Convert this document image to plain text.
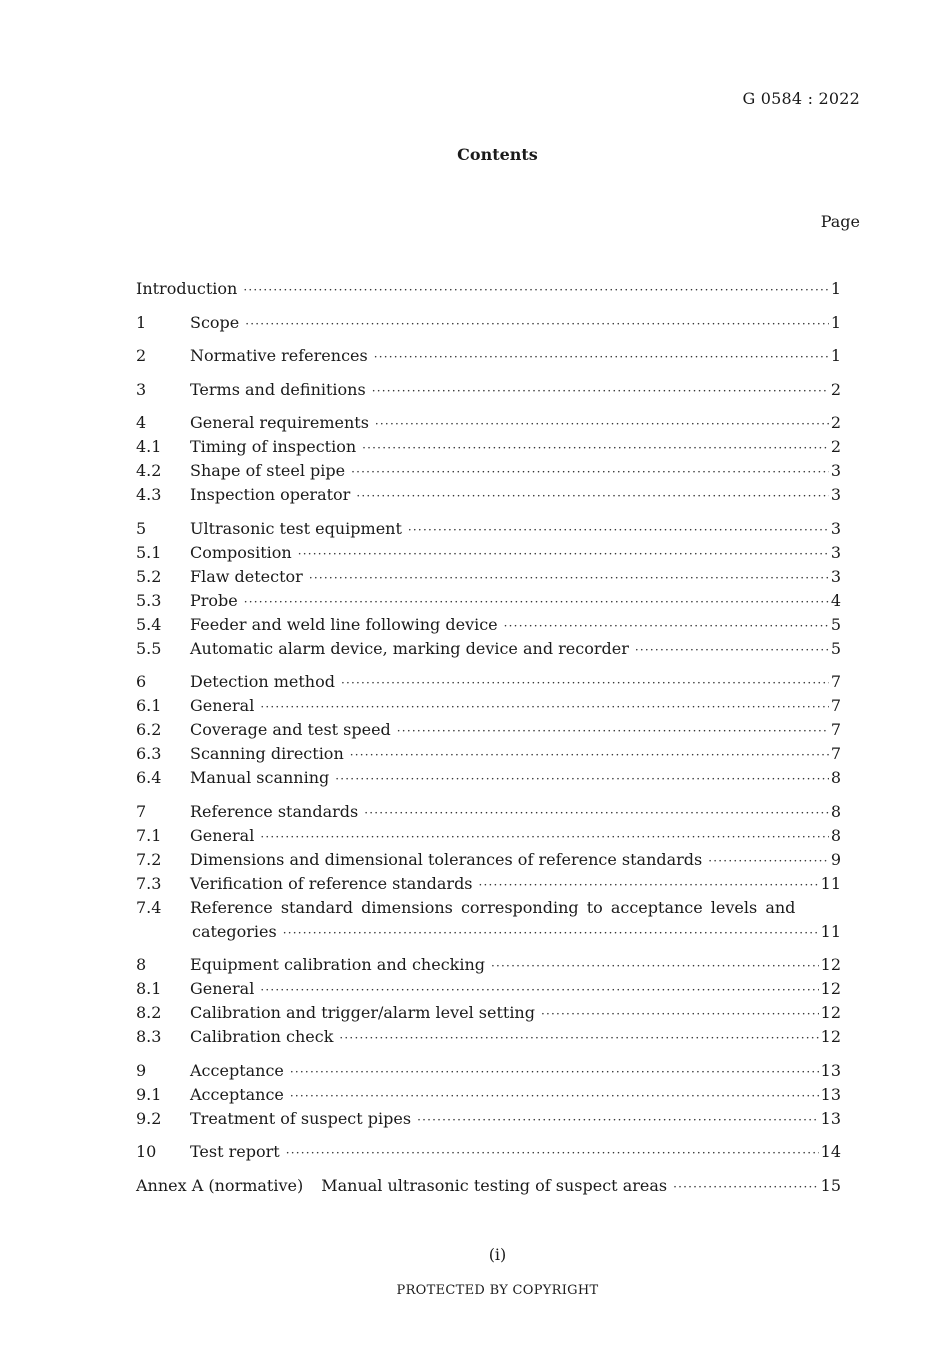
G 0584 : 2022
Contents
Page
Introduction ·····	1
1	Scope ·····	1
2	Normative references ·····	1
3	Terms and definitions ·····	2
4	General requirements ·····	2
4.1	Timing of inspection ·····	2
4.2	Shape of steel pipe ·····	3
4.3	Inspection operator ·····	3
5	Ultrasonic test equipment ·····	3
5.1	Composition ·····	3
5.2	Flaw detector ·····	3
5.3	Probe ·····	4
5.4	Feeder and weld line following device ·····	5
5.5	Automatic alarm device, marking device and recorder ·····	5
6	Detection method ·····	7
6.1	General ·····	7
6.2	Coverage and test speed ·····	7
6.3	Scanning direction ·····	7
6.4	Manual scanning ·····	8
7	Reference standards ·····	8
7.1	General ·····	8
7.2	Dimensions and dimensional tolerances of reference standards ·····	9
7.3	Verification of reference standards ·····	11
7.4	Reference standard dimensions corresponding to acceptance levels and
categories ·····	11
8	Equipment calibration and checking ·····	12
8.1	General ·····	12
8.2	Calibration and trigger/alarm level setting ·····	12
8.3	Calibration check ·····	12
9	Acceptance ·····	13
9.1	Acceptance ·····	13
9.2	Treatment of suspect pipes ·····	13
10	Test report ·····	14
Annex A (normative) Manual ultrasonic testing of suspect areas ·····	15
(i)
PROTECTED BY COPYRIGHT
